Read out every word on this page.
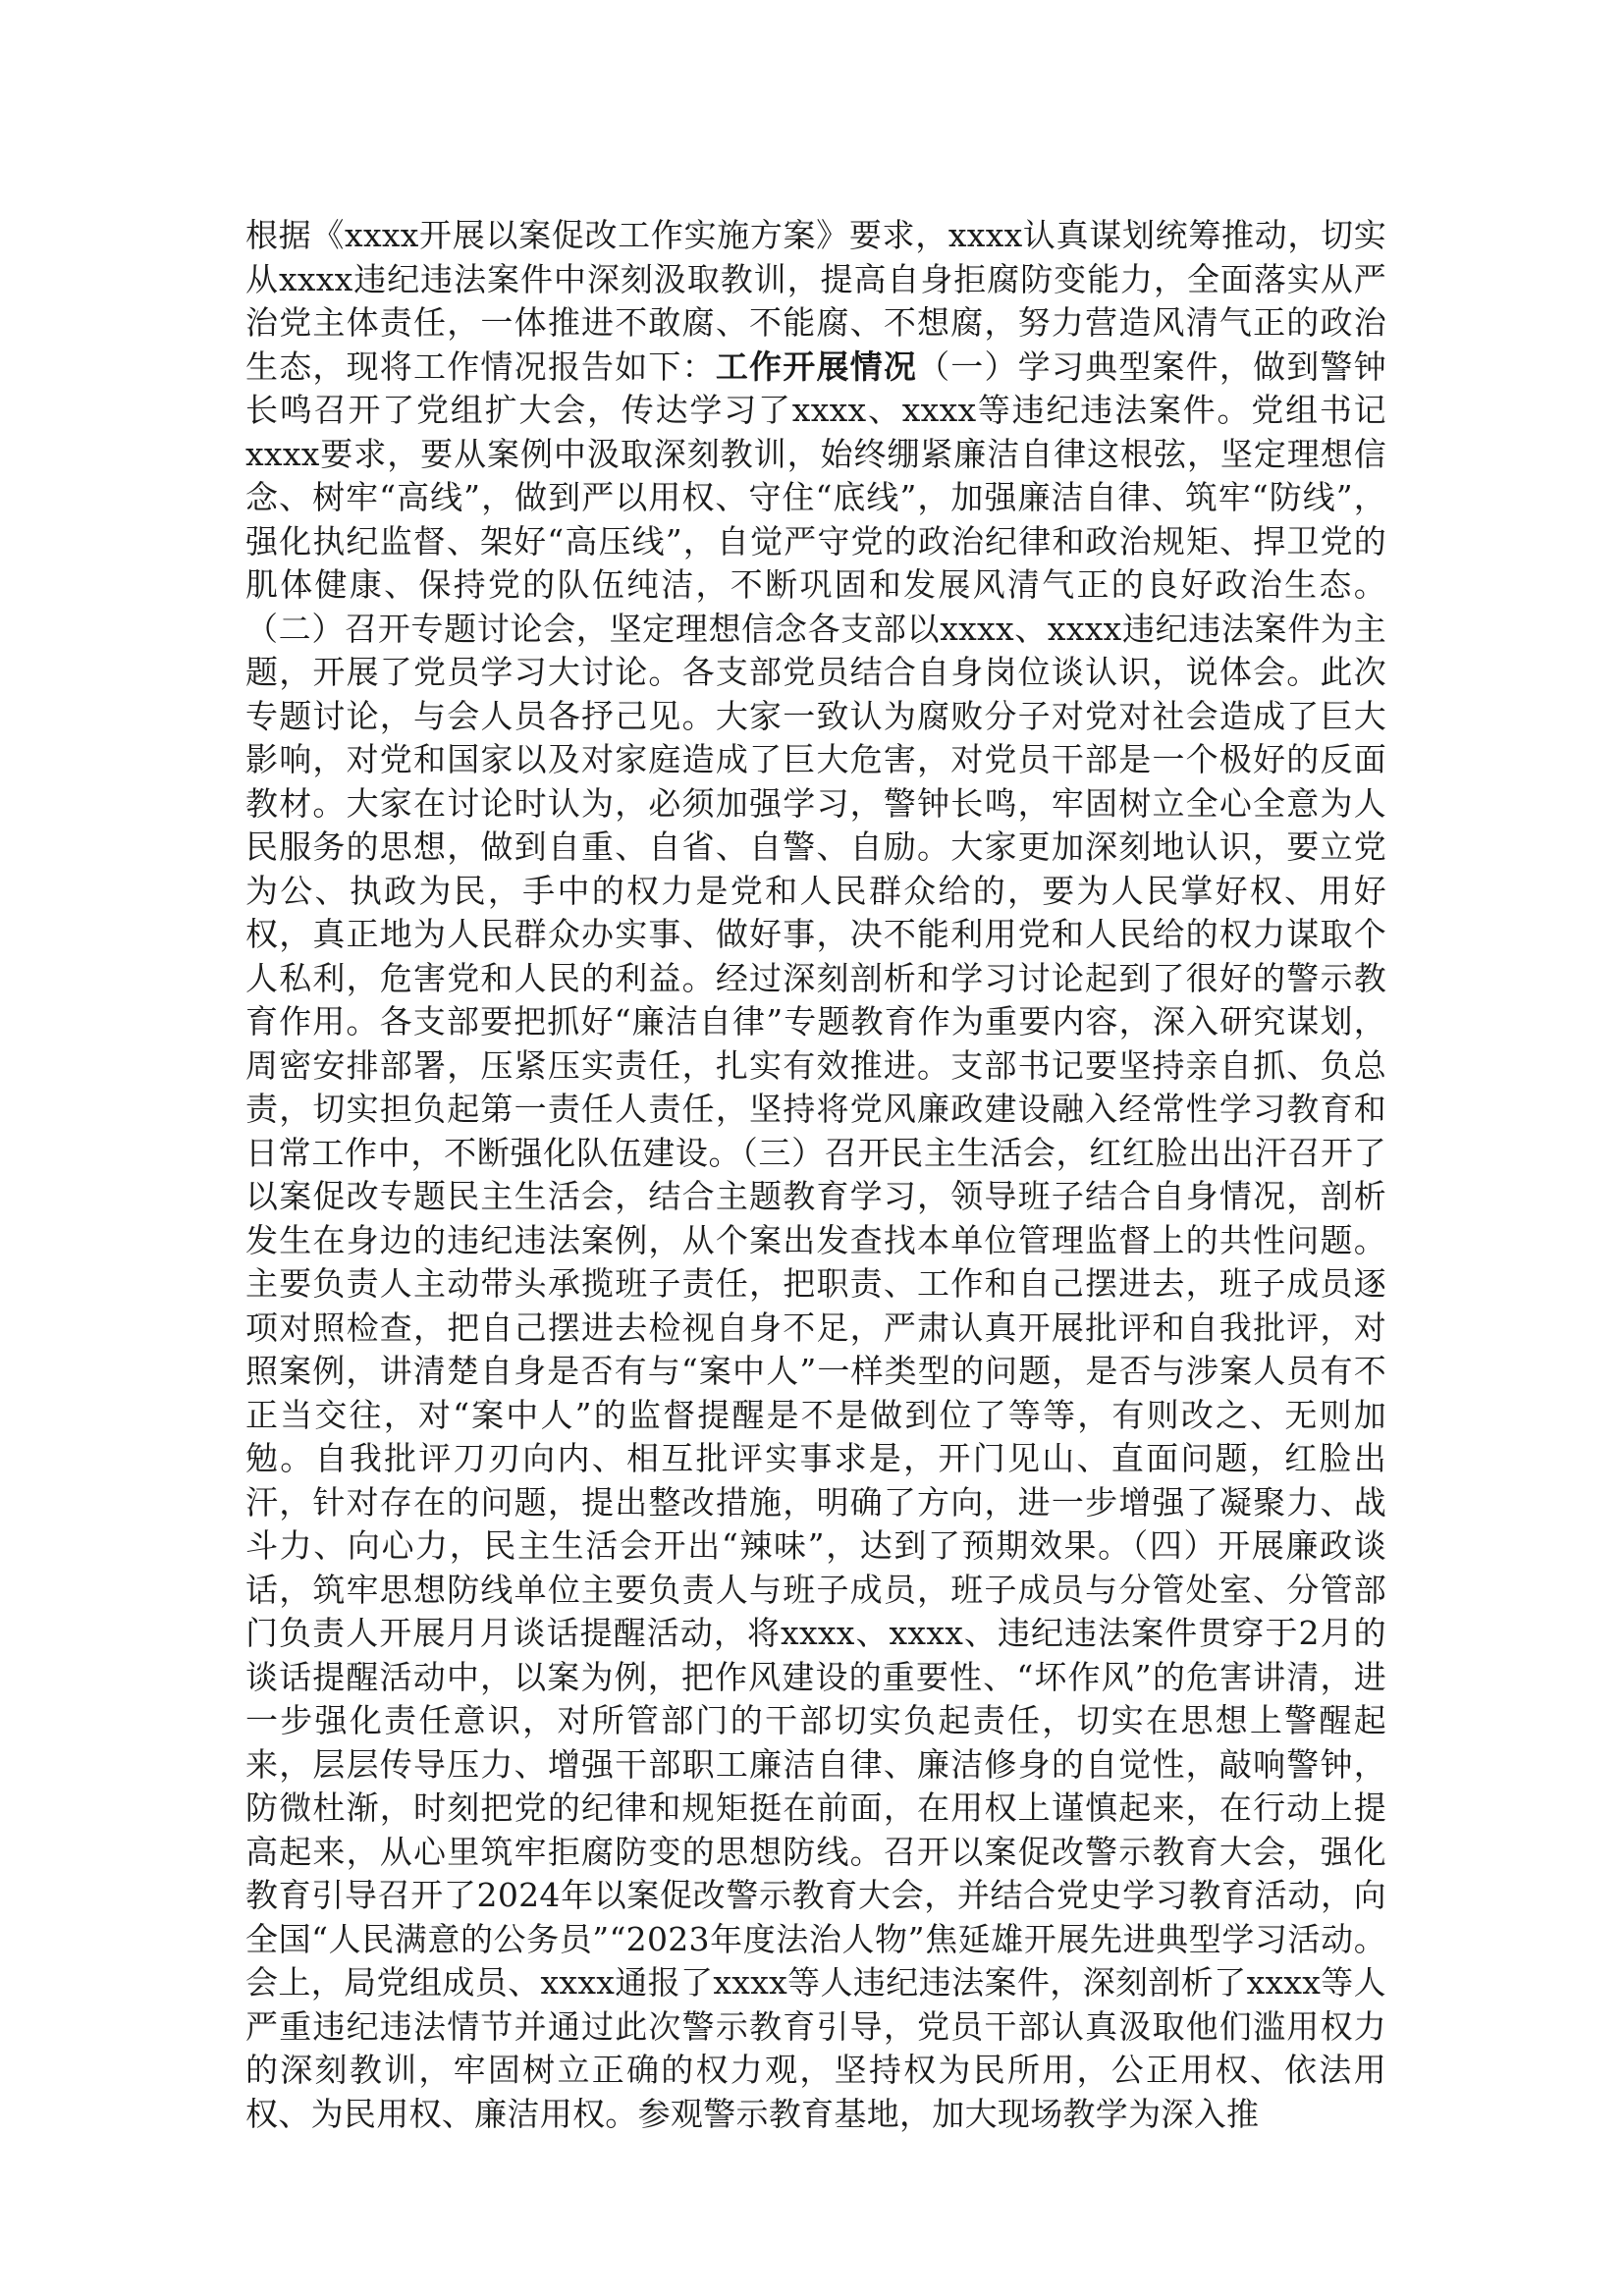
根据《xxxx开展以案促改工作实施方案》要求，xxxx认真谋划统筹推动，切实从xxxx违纪违法案件中深刻汲取教训，提高自身拒腐防变能力，全面落实从严治党主体责任，一体推进不敢腐、不能腐、不想腐，努力营造风清气正的政治生态，现将工作情况报告如下：工作开展情况（一）学习典型案件，做到警钟长鸣召开了党组扩大会，传达学习了xxxx、xxxx等违纪违法案件。党组书记xxxx要求，要从案例中汲取深刻教训，始终绷紧廉洁自律这根弦，坚定理想信念、树牢“高线”，做到严以用权、守住“底线”，加强廉洁自律、筑牢“防线”，强化执纪监督、架好“高压线”，自觉严守党的政治纪律和政治规矩、捍卫党的肌体健康、保持党的队伍纯洁，不断巩固和发展风清气正的良好政治生态。（二）召开专题讨论会，坚定理想信念各支部以xxxx、xxxx违纪违法案件为主题，开展了党员学习大讨论。各支部党员结合自身岗位谈认识，说体会。此次专题讨论，与会人员各抒己见。大家一致认为腐败分子对党对社会造成了巨大影响，对党和国家以及对家庭造成了巨大危害，对党员干部是一个极好的反面教材。大家在讨论时认为，必须加强学习，警钟长鸣，牢固树立全心全意为人民服务的思想，做到自重、自省、自警、自励。大家更加深刻地认识，要立党为公、执政为民，手中的权力是党和人民群众给的，要为人民掌好权、用好权，真正地为人民群众办实事、做好事，决不能利用党和人民给的权力谋取个人私利，危害党和人民的利益。经过深刻剖析和学习讨论起到了很好的警示教育作用。各支部要把抓好“廉洁自律”专题教育作为重要内容，深入研究谋划，周密安排部署，压紧压实责任，扎实有效推进。支部书记要坚持亲自抓、负总责，切实担负起第一责任人责任，坚持将党风廉政建设融入经常性学习教育和日常工作中，不断强化队伍建设。（三）召开民主生活会，红红脸出出汗召开了以案促改专题民主生活会，结合主题教育学习，领导班子结合自身情况，剖析发生在身边的违纪违法案例，从个案出发查找本单位管理监督上的共性问题。主要负责人主动带头承揽班子责任，把职责、工作和自己摆进去，班子成员逐项对照检查，把自己摆进去检视自身不足，严肃认真开展批评和自我批评，对照案例，讲清楚自身是否有与“案中人”一样类型的问题，是否与涉案人员有不正当交往，对“案中人”的监督提醒是不是做到位了等等，有则改之、无则加勉。自我批评刀刃向内、相互批评实事求是，开门见山、直面问题，红脸出汗，针对存在的问题，提出整改措施，明确了方向，进一步增强了凝聚力、战斗力、向心力，民主生活会开出“辣味”，达到了预期效果。（四）开展廉政谈话，筑牢思想防线单位主要负责人与班子成员，班子成员与分管处室、分管部门负责人开展月月谈话提醒活动，将xxxx、xxxx、违纪违法案件贯穿于2月的谈话提醒活动中，以案为例，把作风建设的重要性、“坏作风”的危害讲清，进一步强化责任意识，对所管部门的干部切实负起责任，切实在思想上警醒起来，层层传导压力、增强干部职工廉洁自律、廉洁修身的自觉性，敲响警钟，防微杜渐，时刻把党的纪律和规矩挺在前面，在用权上谨慎起来，在行动上提高起来，从心里筑牢拒腐防变的思想防线。召开以案促改警示教育大会，强化教育引导召开了2024年以案促改警示教育大会，并结合党史学习教育活动，向全国“人民满意的公务员”“2023年度法治人物”焦延雄开展先进典型学习活动。会上，局党组成员、xxxx通报了xxxx等人违纪违法案件，深刻剖析了xxxx等人严重违纪违法情节并通过此次警示教育引导，党员干部认真汲取他们滥用权力的深刻教训，牢固树立正确的权力观，坚持权为民所用，公正用权、依法用权、为民用权、廉洁用权。参观警示教育基地，加大现场教学为深入推
